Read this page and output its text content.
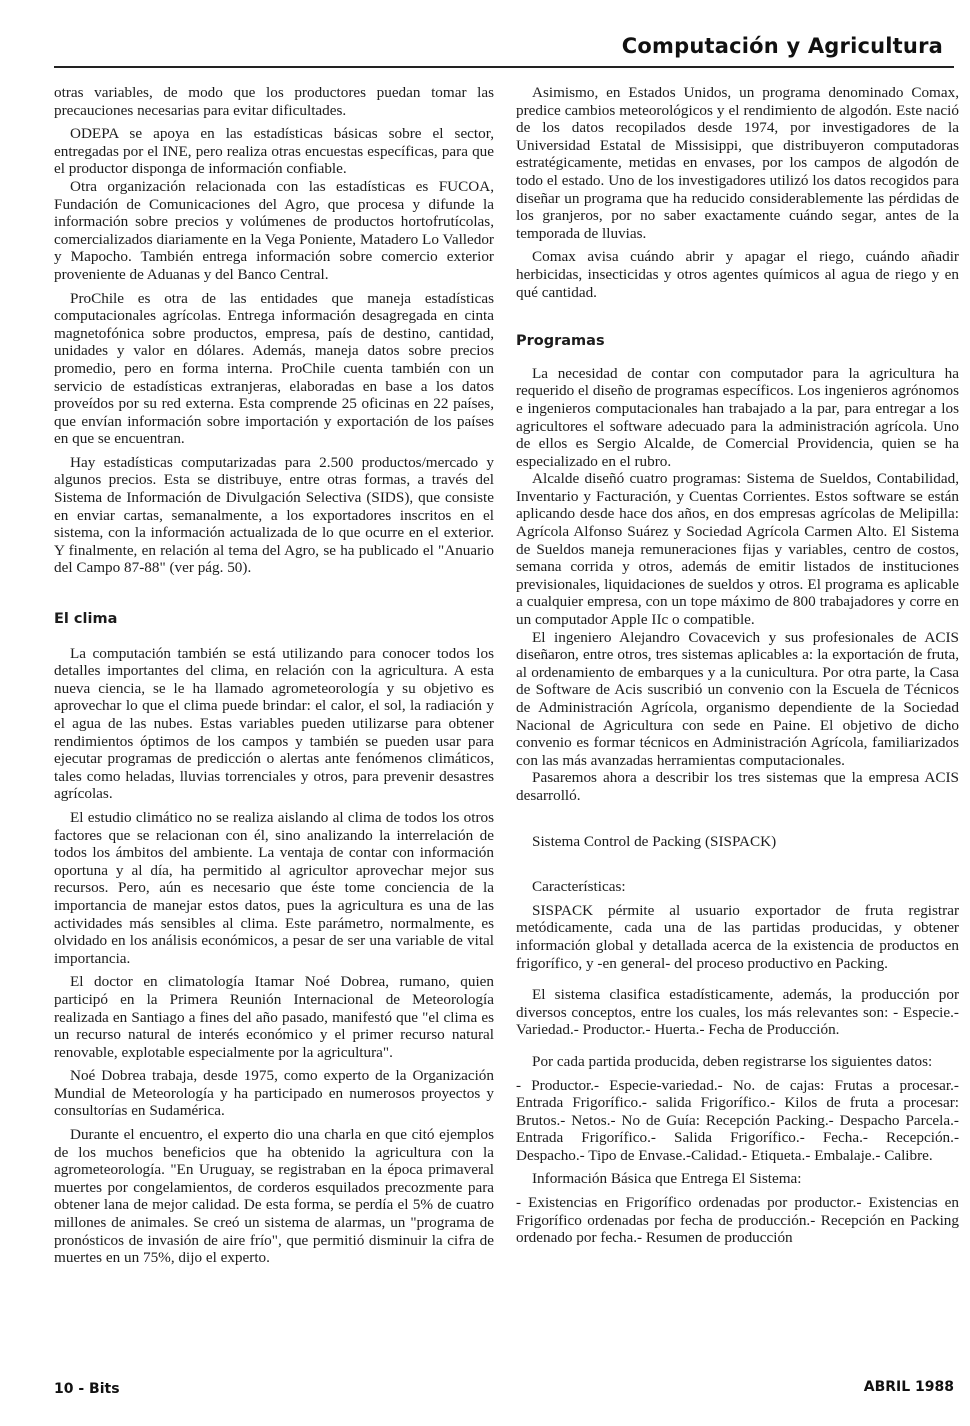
Computación y Agricultura

otras variables, de modo que los productores puedan tomar las precauciones necesarias para evitar dificultades.

ODEPA se apoya en las estadísticas básicas sobre el sector, entregadas por el INE, pero realiza otras encuestas específicas, para que el productor disponga de información confiable.

Otra organización relacionada con las estadísticas es FUCOA, Fundación de Comunicaciones del Agro, que procesa y difunde la información sobre precios y volúmenes de productos hortofrutícolas, comercializados diariamente en la Vega Poniente, Matadero Lo Valledor y Mapocho. También entrega información sobre comercio exterior proveniente de Aduanas y del Banco Central.

ProChile es otra de las entidades que maneja estadísticas computacionales agrícolas. Entrega información desagregada en cinta magnetofónica sobre productos, empresa, país de destino, cantidad, unidades y valor en dólares. Además, maneja datos sobre precios promedio, pero en forma interna. ProChile cuenta también con un servicio de estadísticas extranjeras, elaboradas en base a los datos proveídos por su red externa. Esta comprende 25 oficinas en 22 países, que envían información sobre importación y exportación de los países en que se encuentran.

Hay estadísticas computarizadas para 2.500 productos/mercado y algunos precios. Esta se distribuye, entre otras formas, a través del Sistema de Información de Divulgación Selectiva (SIDS), que consiste en enviar cartas, semanalmente, a los exportadores inscritos en el sistema, con la información actualizada de lo que ocurre en el exterior. Y finalmente, en relación al tema del Agro, se ha publicado el "Anuario del Campo 87-88" (ver pág. 50).

El clima

La computación también se está utilizando para conocer todos los detalles importantes del clima, en relación con la agricultura. A esta nueva ciencia, se le ha llamado agrometeorología y su objetivo es aprovechar lo que el clima puede brindar: el calor, el sol, la radiación y el agua de las nubes. Estas variables pueden utilizarse para obtener rendimientos óptimos de los campos y también se pueden usar para ejecutar programas de predicción o alertas ante fenómenos climáticos, tales como heladas, lluvias torrenciales y otros, para prevenir desastres agrícolas.

El estudio climático no se realiza aislando al clima de todos los otros factores que se relacionan con él, sino analizando la interrelación de todos los ámbitos del ambiente. La ventaja de contar con información oportuna y al día, ha permitido al agricultor aprovechar mejor sus recursos. Pero, aún es necesario que éste tome conciencia de la importancia de manejar estos datos, pues la agricultura es una de las actividades más sensibles al clima. Este parámetro, normalmente, es olvidado en los análisis económicos, a pesar de ser una variable de vital importancia.

El doctor en climatología Itamar Noé Dobrea, rumano, quien participó en la Primera Reunión Internacional de Meteorología realizada en Santiago a fines del año pasado, manifestó que "el clima es un recurso natural de interés económico y el primer recurso natural renovable, explotable especialmente por la agricultura".

Noé Dobrea trabaja, desde 1975, como experto de la Organización Mundial de Meteorología y ha participado en numerosos proyectos y consultorías en Sudamérica.

Durante el encuentro, el experto dio una charla en que citó ejemplos de los muchos beneficios que ha obtenido la agricultura con la agrometeorología. "En Uruguay, se registraban en la época primaveral muertes por congelamientos, de corderos esquilados precozmente para obtener lana de mejor calidad. De esta forma, se perdía el 5% de cuatro millones de animales. Se creó un sistema de alarmas, un "programa de pronósticos de invasión de aire frío", que permitió disminuir la cifra de muertes en un 75%, dijo el experto.

Asimismo, en Estados Unidos, un programa denominado Comax, predice cambios meteorológicos y el rendimiento de algodón. Este nació de los datos recopilados desde 1974, por investigadores de la Universidad Estatal de Missisippi, que distribuyeron computadoras estratégicamente, metidas en envases, por los campos de algodón de todo el estado. Uno de los investigadores utilizó los datos recogidos para diseñar un programa que ha reducido considerablemente las pérdidas de los granjeros, por no saber exactamente cuándo segar, antes de la temporada de lluvias.

Comax avisa cuándo abrir y apagar el riego, cuándo añadir herbicidas, insecticidas y otros agentes químicos al agua de riego y en qué cantidad.

Programas

La necesidad de contar con computador para la agricultura ha requerido el diseño de programas específicos. Los ingenieros agrónomos e ingenieros computacionales han trabajado a la par, para entregar a los agricultores el software adecuado para la administración agrícola. Uno de ellos es Sergio Alcalde, de Comercial Providencia, quien se ha especializado en el rubro.

Alcalde diseñó cuatro programas: Sistema de Sueldos, Contabilidad, Inventario y Facturación, y Cuentas Corrientes. Estos software se están aplicando desde hace dos años, en dos empresas agrícolas de Melipilla: Agrícola Alfonso Suárez y Sociedad Agrícola Carmen Alto. El Sistema de Sueldos maneja remuneraciones fijas y variables, centro de costos, semana corrida y otros, además de emitir listados de instituciones previsionales, liquidaciones de sueldos y otros. El programa es aplicable a cualquier empresa, con un tope máximo de 800 trabajadores y corre en un computador Apple IIc o compatible.

El ingeniero Alejandro Covacevich y sus profesionales de ACIS diseñaron, entre otros, tres sistemas aplicables a: la exportación de fruta, al ordenamiento de embarques y a la cunicultura. Por otra parte, la Casa de Software de Acis suscribió un convenio con la Escuela de Técnicos de Administración Agrícola, organismo dependiente de la Sociedad Nacional de Agricultura con sede en Paine. El objetivo de dicho convenio es formar técnicos en Administración Agrícola, familiarizados con las más avanzadas herramientas computacionales.

Pasaremos ahora a describir los tres sistemas que la empresa ACIS desarrolló.

Sistema Control de Packing (SISPACK)

Características:

SISPACK pérmite al usuario exportador de fruta registrar metódicamente, cada una de las partidas producidas, y obtener información global y detallada acerca de la existencia de productos en frigorífico, y -en general- del proceso productivo en Packing.

El sistema clasifica estadísticamente, además, la producción por diversos conceptos, entre los cuales, los más relevantes son: - Especie.- Variedad.- Productor.- Huerta.- Fecha de Producción.

Por cada partida producida, deben registrarse los siguientes datos:

- Productor.- Especie-variedad.- No. de cajas: Frutas a procesar.- Entrada Frigorífico.- salida Frigorífico.- Kilos de fruta a procesar: Brutos.- Netos.- No de Guía: Recepción Packing.- Despacho Parcela.- Entrada Frigorífico.- Salida Frigorífico.- Fecha.- Recepción.- Despacho.- Tipo de Envase.-Calidad.- Etiqueta.- Embalaje.- Calibre.

Información Básica que Entrega El Sistema:

- Existencias en Frigorífico ordenadas por productor.- Existencias en Frigorífico ordenadas por fecha de producción.- Recepción en Packing ordenado por fecha.- Resumen de producción

10 - Bits	ABRIL 1988
